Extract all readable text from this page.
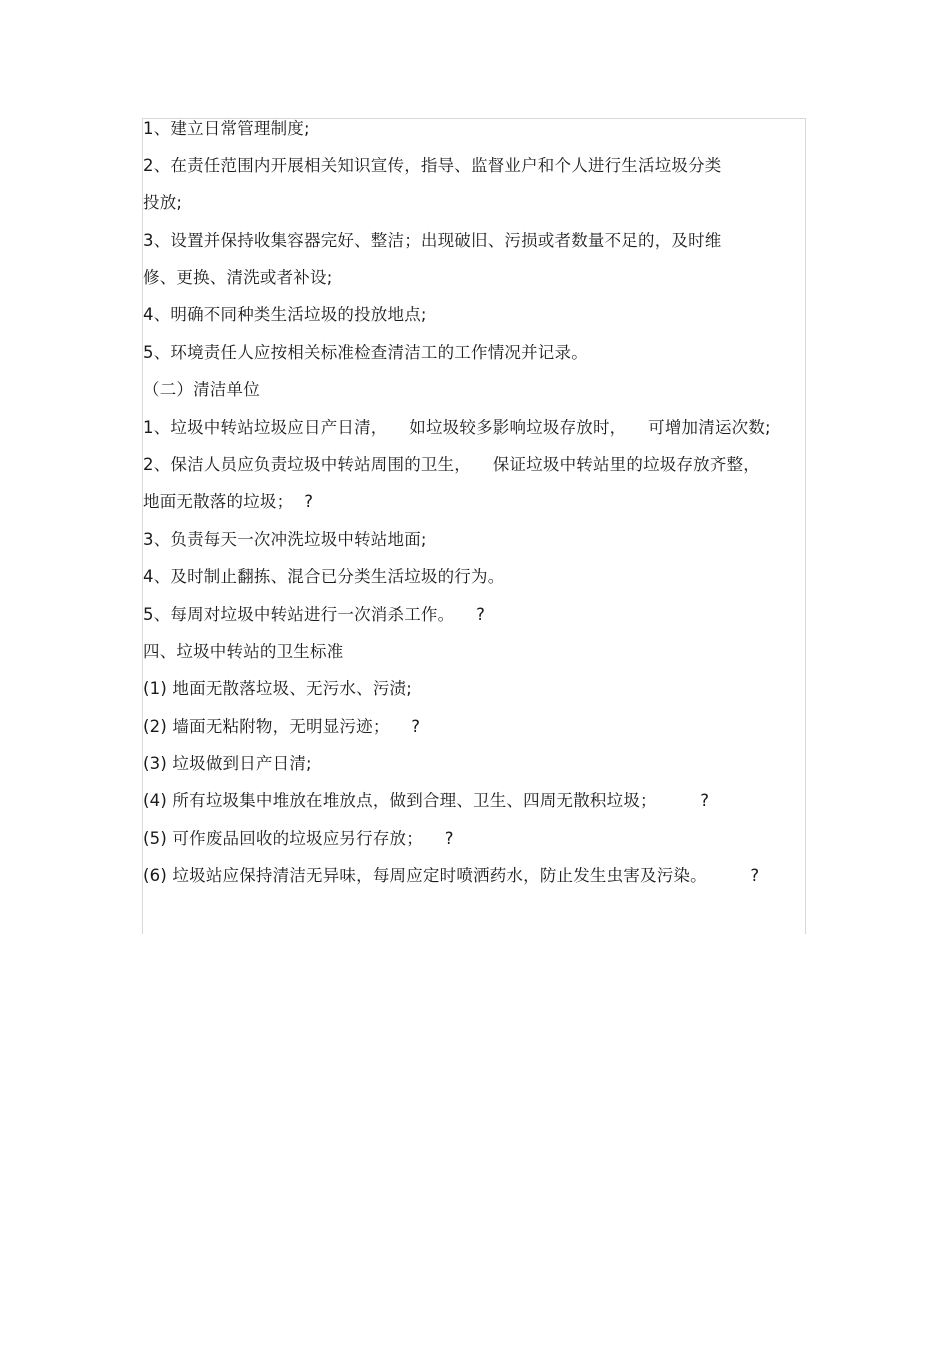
1、建立日常管理制度;
2、在责任范围内开展相关知识宣传，指导、监督业户和个人进行生活垃圾分类
投放;
3、设置并保持收集容器完好、整洁；出现破旧、污损或者数量不足的，及时维
修、更换、清洗或者补设;
4、明确不同种类生活垃圾的投放地点;
5、环境责任人应按相关标准检查清洁工的工作情况并记录。
（二）清洁单位
1、垃圾中转站垃圾应日产日清，    如垃圾较多影响垃圾存放时，    可增加清运次数;
2、保洁人员应负责垃圾中转站周围的卫生，    保证垃圾中转站里的垃圾存放齐整，
地面无散落的垃圾；  ?
3、负责每天一次冲洗垃圾中转站地面;
4、及时制止翻拣、混合已分类生活垃圾的行为。
5、每周对垃圾中转站进行一次消杀工作。    ?
四、垃圾中转站的卫生标准
(1) 地面无散落垃圾、无污水、污渍;
(2) 墙面无粘附物，无明显污迹；    ?
(3) 垃圾做到日产日清;
(4) 所有垃圾集中堆放在堆放点，做到合理、卫生、四周无散积垃圾；        ?
(5) 可作废品回收的垃圾应另行存放；    ?
(6) 垃圾站应保持清洁无异味，每周应定时喷洒药水，防止发生虫害及污染。        ?
